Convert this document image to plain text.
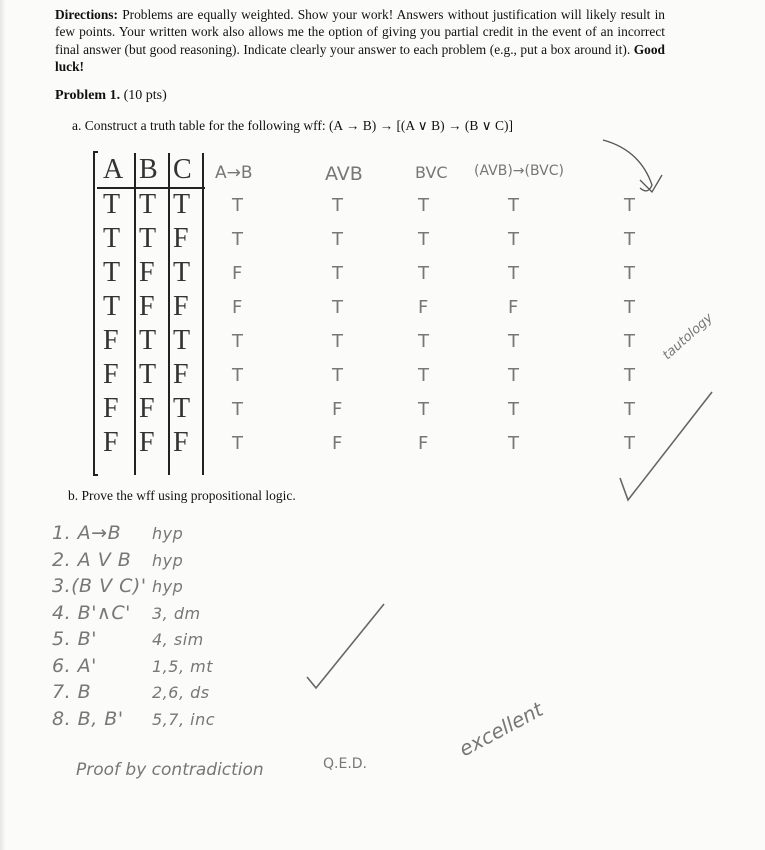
Directions: Problems are equally weighted. Show your work! Answers without justification will likely result in few points. Your written work also allows me the option of giving you partial credit in the event of an incorrect final answer (but good reasoning). Indicate clearly your answer to each problem (e.g., put a box around it). Good luck!
Problem 1. (10 pts)
a. Construct a truth table for the following wff: (A → B) → [(A ∨ B) → (B ∨ C)]
A B C A→B	AVB	BVC (AVB)→(BVC)
T T T T	T	T	T	T
T T F T	T	T	T	T
T F T F	T	T	T	T
T F F F	T	F	F	T
F T T T	T	T	T	T
F T F T	T	T	T	T
F F T T	F	T	T	T
F F F T	F	F	T	T
b. Prove the wff using propositional logic.
1. A→B hyp
2. A V B hyp
3.(B V C)' hyp
4. B'∧C' 3, dm
5. B'	4, sim
6. A'	1,5, mt
7. B	2,6, ds
8. B, B' 5,7, inc
tautology
excellent
Proof by contradiction	Q.E.D.
